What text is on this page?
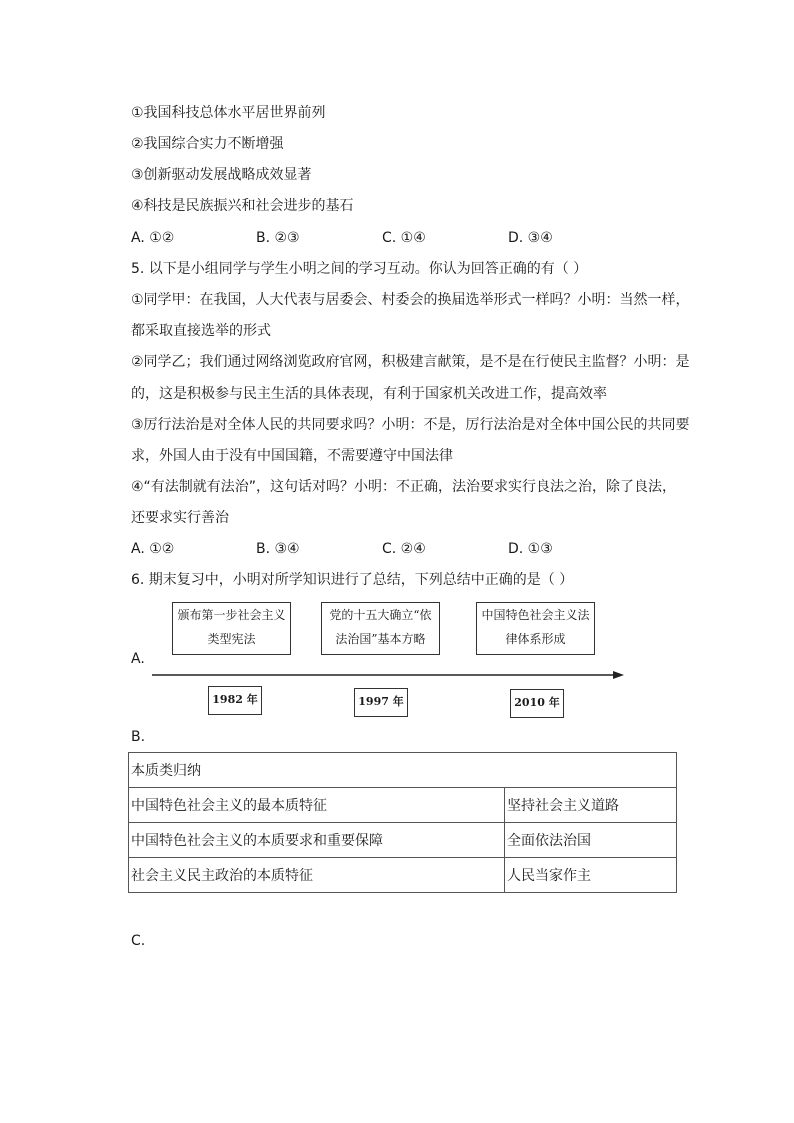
①我国科技总体水平居世界前列
②我国综合实力不断增强
③创新驱动发展战略成效显著
④科技是民族振兴和社会进步的基石
A. ①②	B. ②③	C. ①④	D. ③④
5. 以下是小组同学与学生小明之间的学习互动。你认为回答正确的有（ ）
①同学甲：在我国，人大代表与居委会、村委会的换届选举形式一样吗？小明：当然一样，
都采取直接选举的形式
②同学乙；我们通过网络浏览政府官网，积极建言献策，是不是在行使民主监督？小明：是
的，这是积极参与民主生活的具体表现，有利于国家机关改进工作，提高效率
③厉行法治是对全体人民的共同要求吗？小明：不是，厉行法治是对全体中国公民的共同要
求，外国人由于没有中国国籍，不需要遵守中国法律
④“有法制就有法治”，这句话对吗？小明：不正确，法治要求实行良法之治，除了良法，
还要求实行善治
A. ①②	B. ③④	C. ②④	D. ①③
6. 期末复习中，小明对所学知识进行了总结，下列总结中正确的是（ ）
A.
颁布第一步社会主义
类型宪法
党的十五大确立“依
法治国”基本方略
中国特色社会主义法
律体系形成
1982 年	1997 年	2010 年
B.
本质类归纳	
中国特色社会主义的最本质特征	坚持社会主义道路
中国特色社会主义的本质要求和重要保障	全面依法治国
社会主义民主政治的本质特征	人民当家作主
C.
